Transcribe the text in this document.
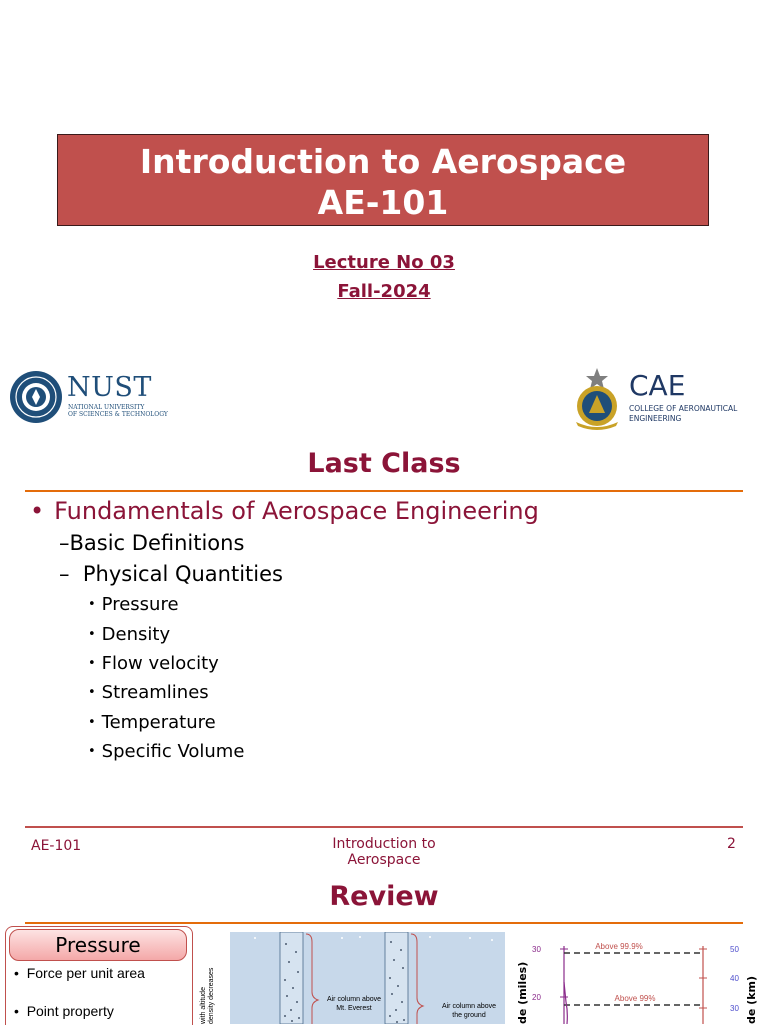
Introduction to Aerospace
AE-101
Lecture No 03
Fall-2024
NUST
NATIONAL UNIVERSITY
OF SCIENCES & TECHNOLOGY
CAE
COLLEGE OF AERONAUTICAL
ENGINEERING
Last Class
• Fundamentals of Aerospace Engineering
–Basic Definitions
– Physical Quantities
• Pressure
• Density
• Flow velocity
• Streamlines
• Temperature
• Specific Volume
AE-101	Introduction to
Aerospace
2
Review
Pressure
•  Force per unit area
•  Point property	with altitude density decreases	Air column above
Mt. Everest	Air column above
the ground	de (miles)	de (km)
30
20
50
40
30
Above 99.9%
Above 99%
